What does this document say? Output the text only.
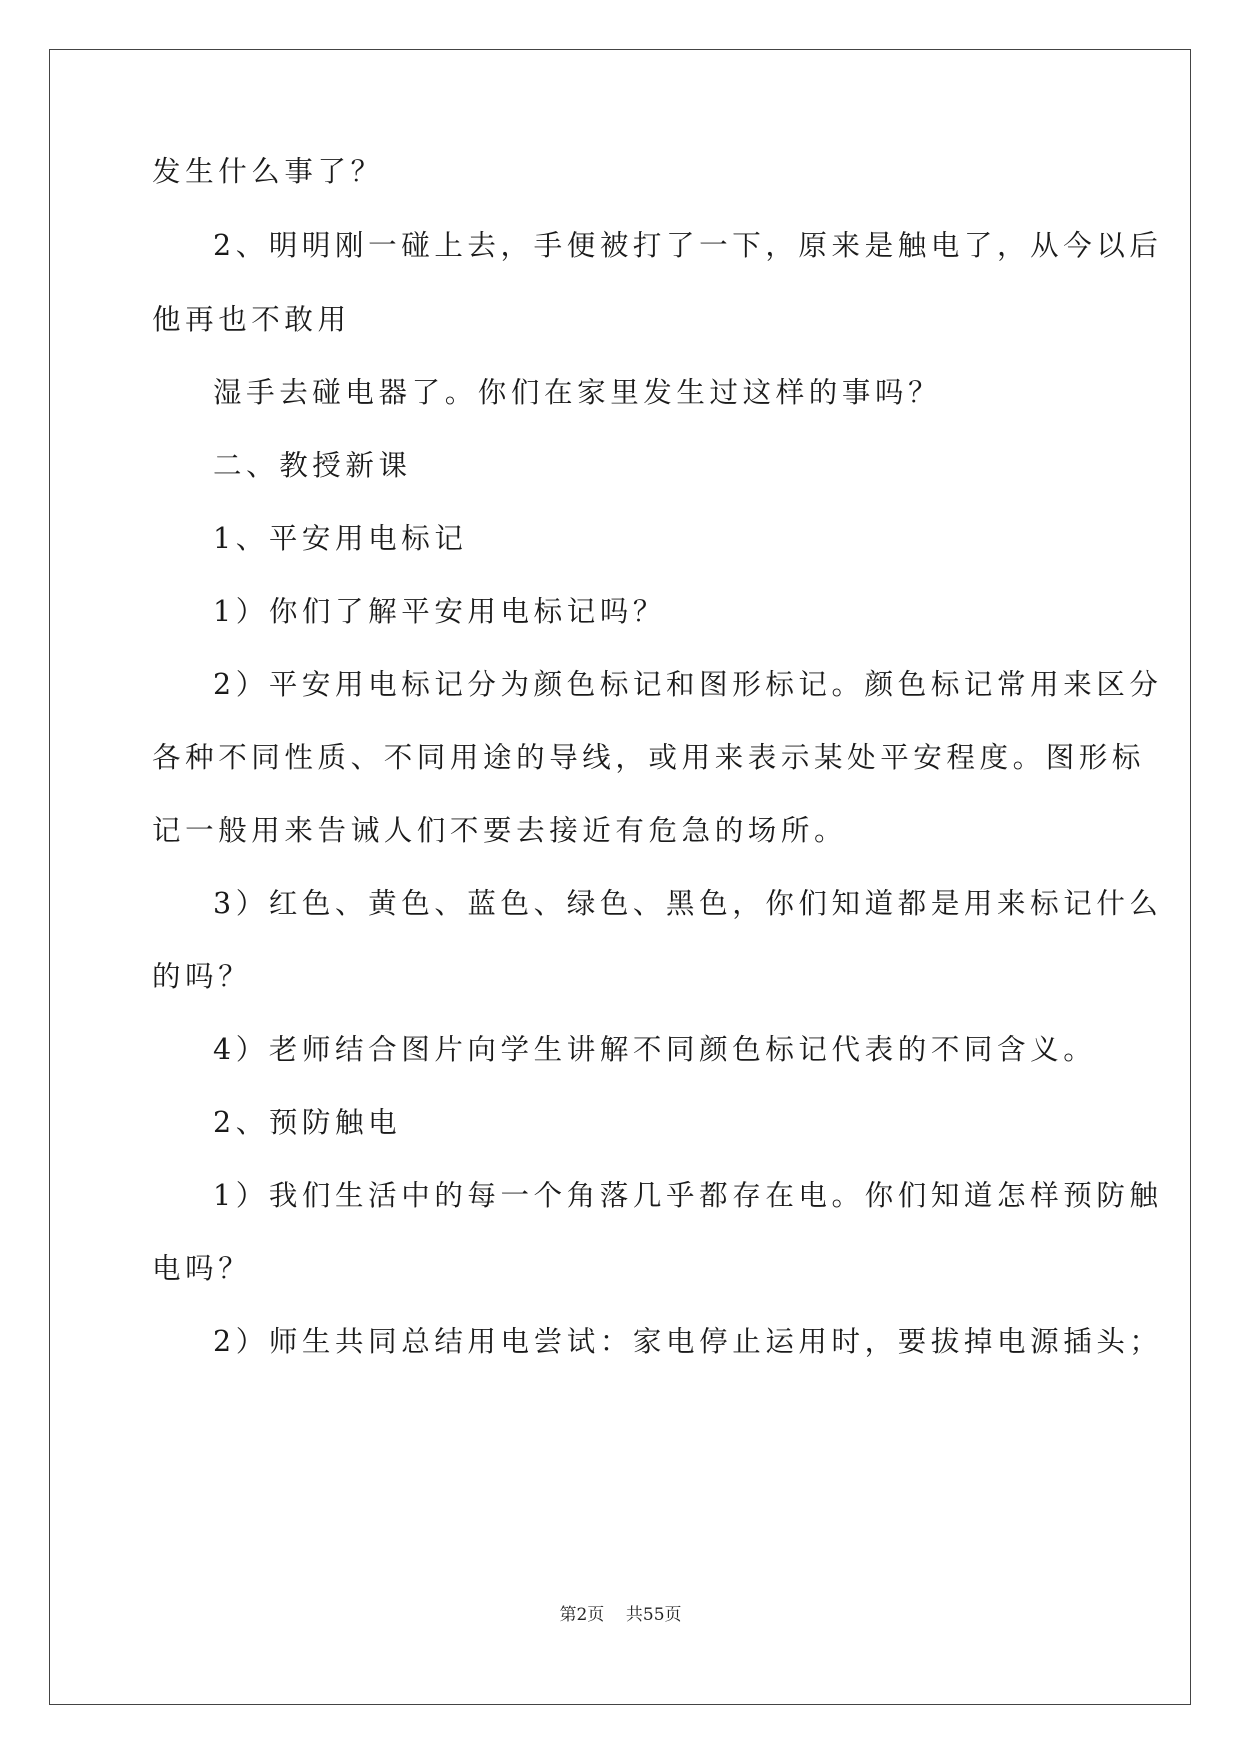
发生什么事了？
2、明明刚一碰上去，手便被打了一下，原来是触电了，从今以后
他再也不敢用
湿手去碰电器了。你们在家里发生过这样的事吗？
二、教授新课
1、平安用电标记
1）你们了解平安用电标记吗？
2）平安用电标记分为颜色标记和图形标记。颜色标记常用来区分
各种不同性质、不同用途的导线，或用来表示某处平安程度。图形标
记一般用来告诫人们不要去接近有危急的场所。
3）红色、黄色、蓝色、绿色、黑色，你们知道都是用来标记什么
的吗？
4）老师结合图片向学生讲解不同颜色标记代表的不同含义。
2、预防触电
1）我们生活中的每一个角落几乎都存在电。你们知道怎样预防触
电吗？
2）师生共同总结用电尝试：家电停止运用时，要拔掉电源插头；
第2页 共55页
